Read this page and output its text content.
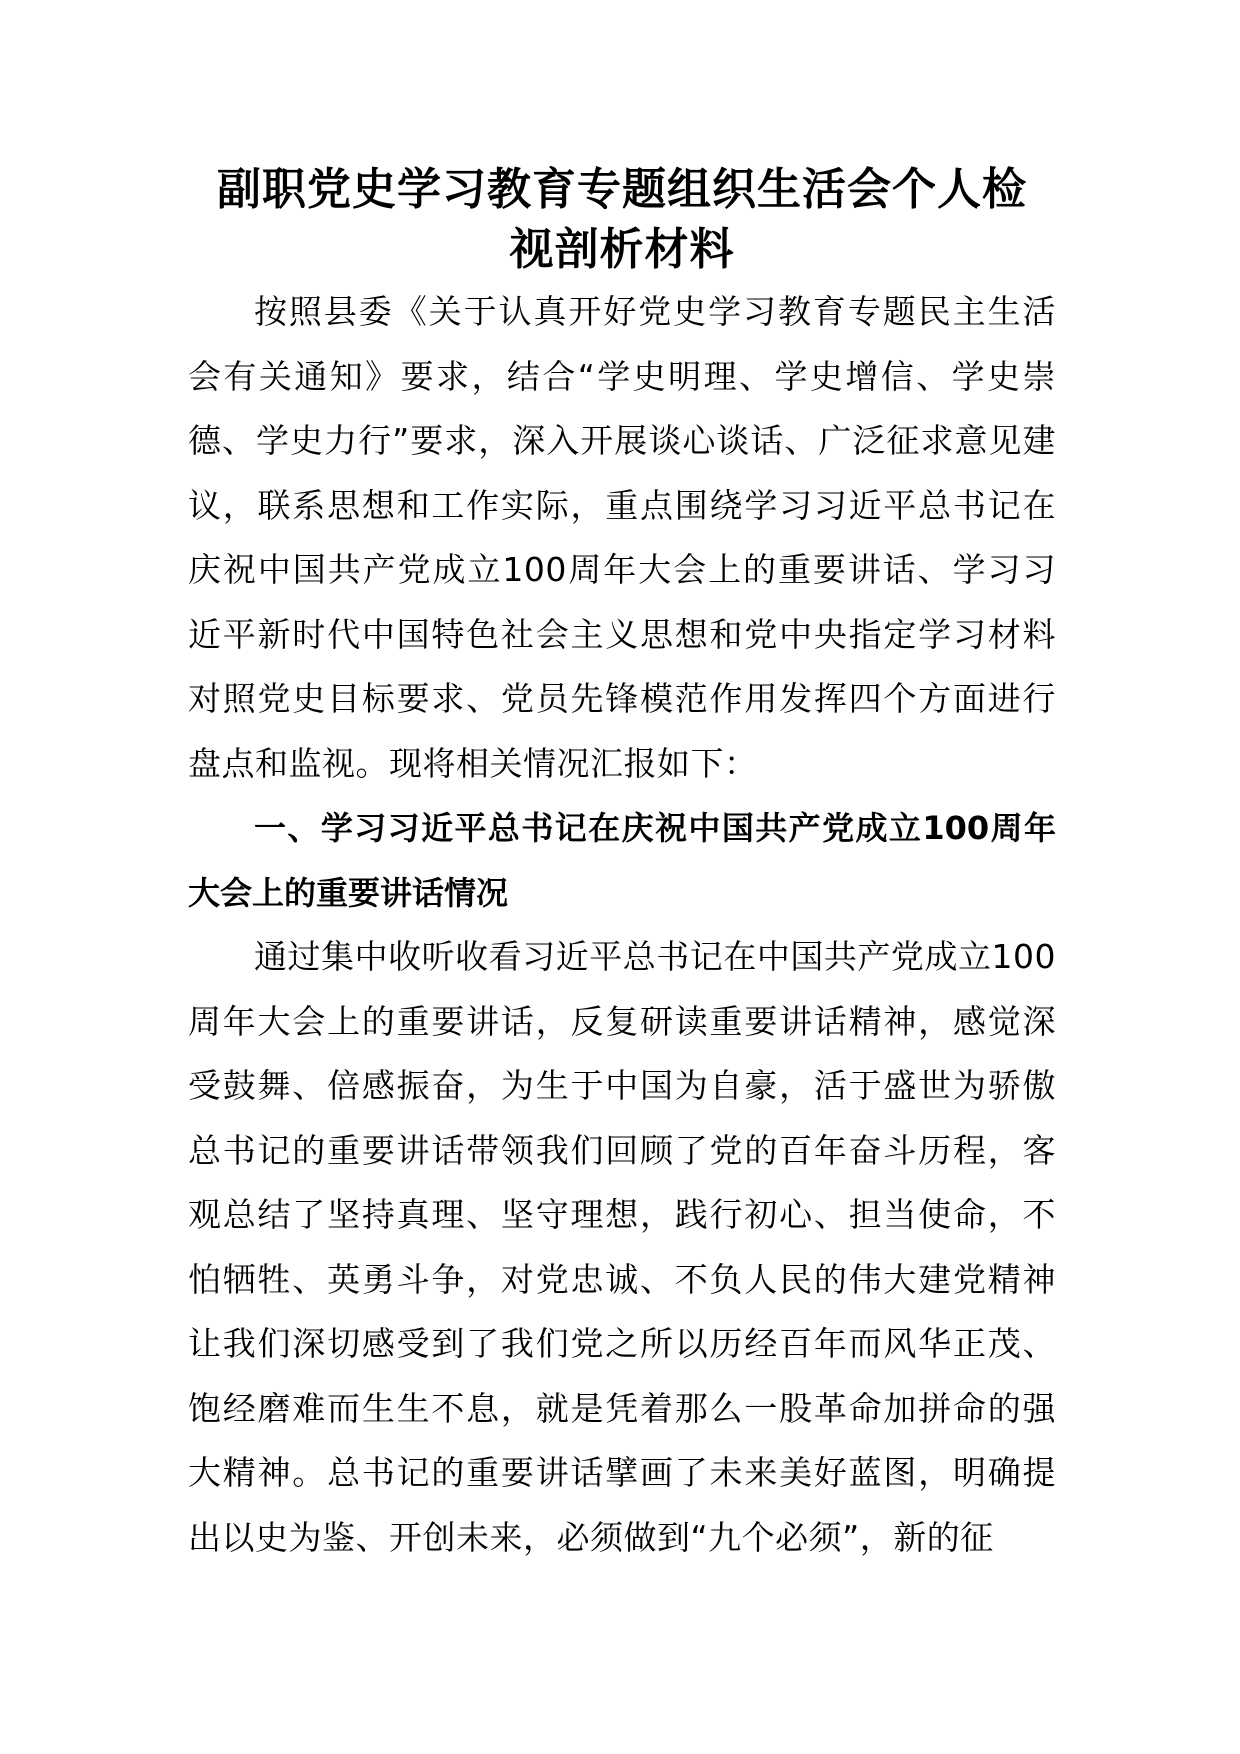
副职党史学习教育专题组织生活会个人检
视剖析材料

按照县委《关于认真开好党史学习教育专题民主生活会有关通知》要求，结合“学史明理、学史增信、学史崇德、学史力行”要求，深入开展谈心谈话、广泛征求意见建议，联系思想和工作实际，重点围绕学习习近平总书记在庆祝中国共产党成立100周年大会上的重要讲话、学习习近平新时代中国特色社会主义思想和党中央指定学习材料对照党史目标要求、党员先锋模范作用发挥四个方面进行盘点和监视。现将相关情况汇报如下：

一、学习习近平总书记在庆祝中国共产党成立100周年大会上的重要讲话情况

通过集中收听收看习近平总书记在中国共产党成立100周年大会上的重要讲话，反复研读重要讲话精神，感觉深受鼓舞、倍感振奋，为生于中国为自豪，活于盛世为骄傲总书记的重要讲话带领我们回顾了党的百年奋斗历程，客观总结了坚持真理、坚守理想，践行初心、担当使命，不怕牺牲、英勇斗争，对党忠诚、不负人民的伟大建党精神让我们深切感受到了我们党之所以历经百年而风华正茂、饱经磨难而生生不息，就是凭着那么一股革命加拼命的强大精神。总书记的重要讲话擘画了未来美好蓝图，明确提出以史为鉴、开创未来，必须做到“九个必须”，新的征
